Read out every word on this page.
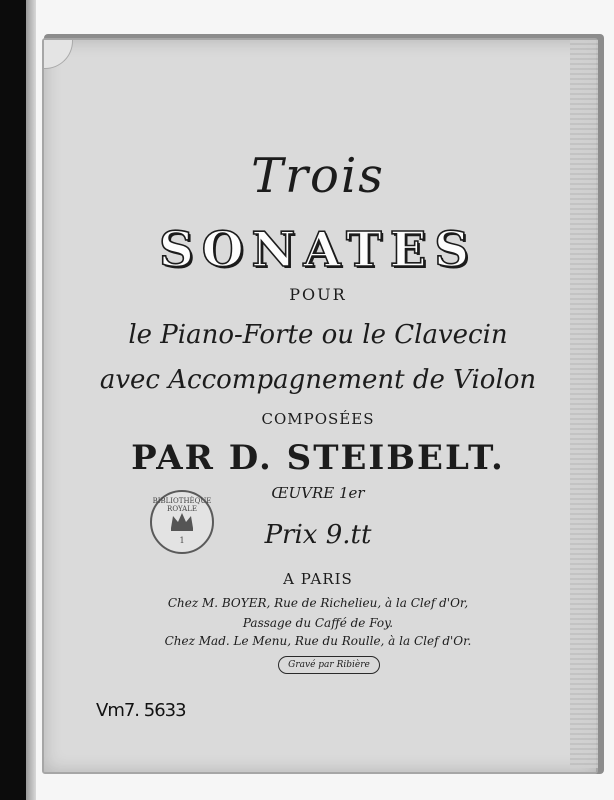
Trois
SONATES
POUR
le Piano-Forte ou le Clavecin
avec Accompagnement de Violon
COMPOSÉES
PAR D. STEIBELT.
ŒUVRE 1er
Prix 9.tt
A PARIS
Chez M. BOYER, Rue de Richelieu, à la Clef d'Or,
Passage du Caffé de Foy.
Chez Mad. Le Menu, Rue du Roulle, à la Clef d'Or.
Gravé par Ribière
BIBLIOTHÈQUE ROYALE
1
Vm7. 5633
